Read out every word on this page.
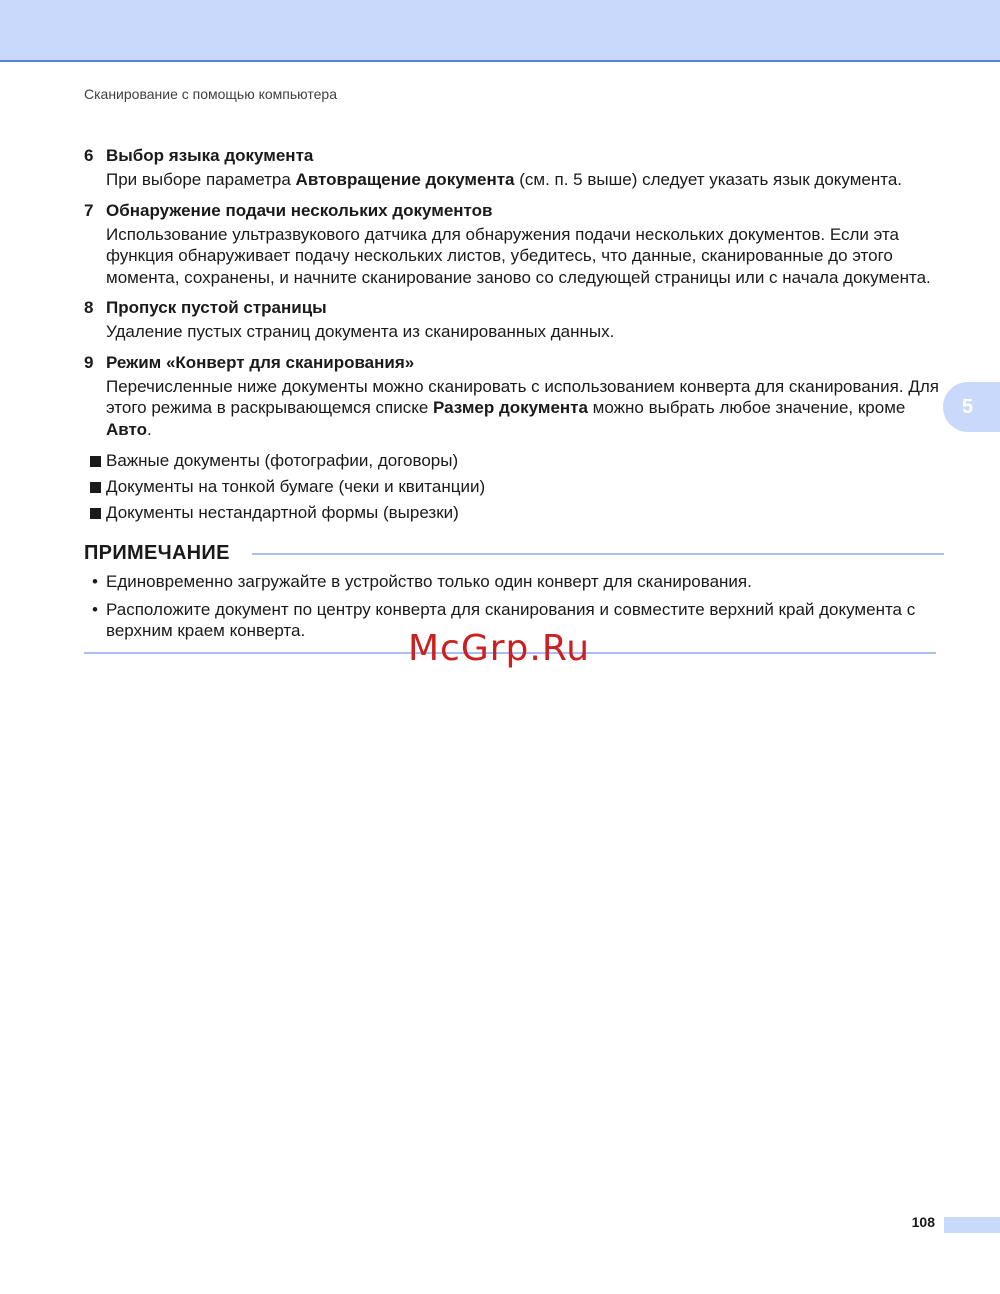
Сканирование с помощью компьютера
5
6 Выбор языка документа
При выборе параметра Автовращение документа (см. п. 5 выше) следует указать язык документа.
7 Обнаружение подачи нескольких документов
Использование ультразвукового датчика для обнаружения подачи нескольких документов. Если эта функция обнаруживает подачу нескольких листов, убедитесь, что данные, сканированные до этого момента, сохранены, и начните сканирование заново со следующей страницы или с начала документа.
8 Пропуск пустой страницы
Удаление пустых страниц документа из сканированных данных.
9 Режим «Конверт для сканирования»
Перечисленные ниже документы можно сканировать с использованием конверта для сканирования. Для этого режима в раскрывающемся списке Размер документа можно выбрать любое значение, кроме Авто.
Важные документы (фотографии, договоры)
Документы на тонкой бумаге (чеки и квитанции)
Документы нестандартной формы (вырезки)
ПРИМЕЧАНИЕ
• Единовременно загружайте в устройство только один конверт для сканирования.
• Расположите документ по центру конверта для сканирования и совместите верхний край документа с верхним краем конверта.	McGrp.Ru
108
